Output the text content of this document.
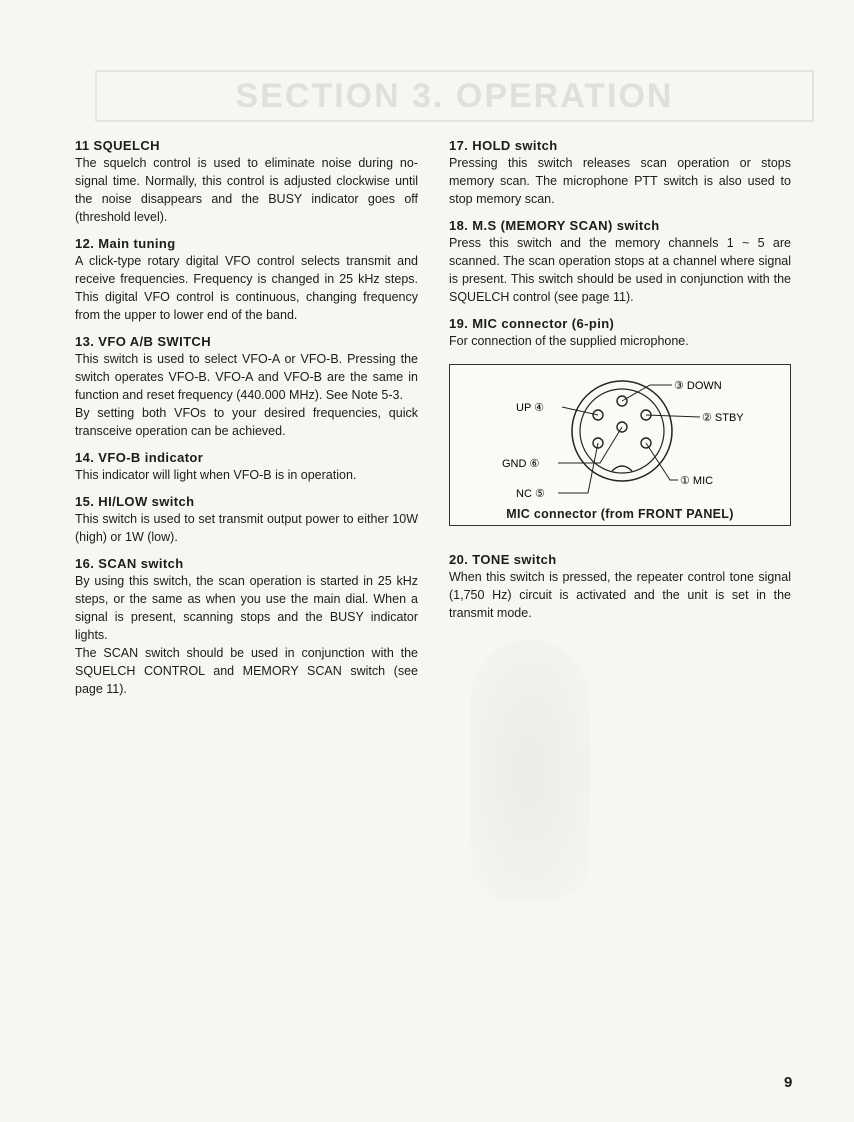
SECTION 3. OPERATION
11 SQUELCH

The squelch control is used to eliminate noise during no-signal time. Normally, this control is adjusted clockwise until the noise disappears and the BUSY indicator goes off (threshold level).

12. Main tuning

A click-type rotary digital VFO control selects transmit and receive frequencies. Frequency is changed in 25 kHz steps. This digital VFO control is continuous, changing frequency from the upper to lower end of the band.

13. VFO A/B SWITCH

This switch is used to select VFO-A or VFO-B. Pressing the switch operates VFO-B. VFO-A and VFO-B are the same in function and reset frequency (440.000 MHz). See Note 5-3.

By setting both VFOs to your desired frequencies, quick transceive operation can be achieved.

14. VFO-B indicator

This indicator will light when VFO-B is in operation.

15. HI/LOW switch

This switch is used to set transmit output power to either 10W (high) or 1W (low).

16. SCAN switch

By using this switch, the scan operation is started in 25 kHz steps, or the same as when you use the main dial. When a signal is present, scanning stops and the BUSY indicator lights.

The SCAN switch should be used in conjunction with the SQUELCH CONTROL and MEMORY SCAN switch (see page 11).

17. HOLD switch

Pressing this switch releases scan operation or stops memory scan. The microphone PTT switch is also used to stop memory scan.

18. M.S (MEMORY SCAN) switch

Press this switch and the memory channels 1 ~ 5 are scanned. The scan operation stops at a channel where signal is present. This switch should be used in conjunction with the SQUELCH control (see page 11).

19. MIC connector (6-pin)

For connection of the supplied microphone.

③ DOWN
UP ④
② STBY
GND ⑥
① MIC
NC ⑤
MIC connector (from FRONT PANEL)
20. TONE switch

When this switch is pressed, the repeater control tone signal (1,750 Hz) circuit is activated and the unit is set in the transmit mode.

9
